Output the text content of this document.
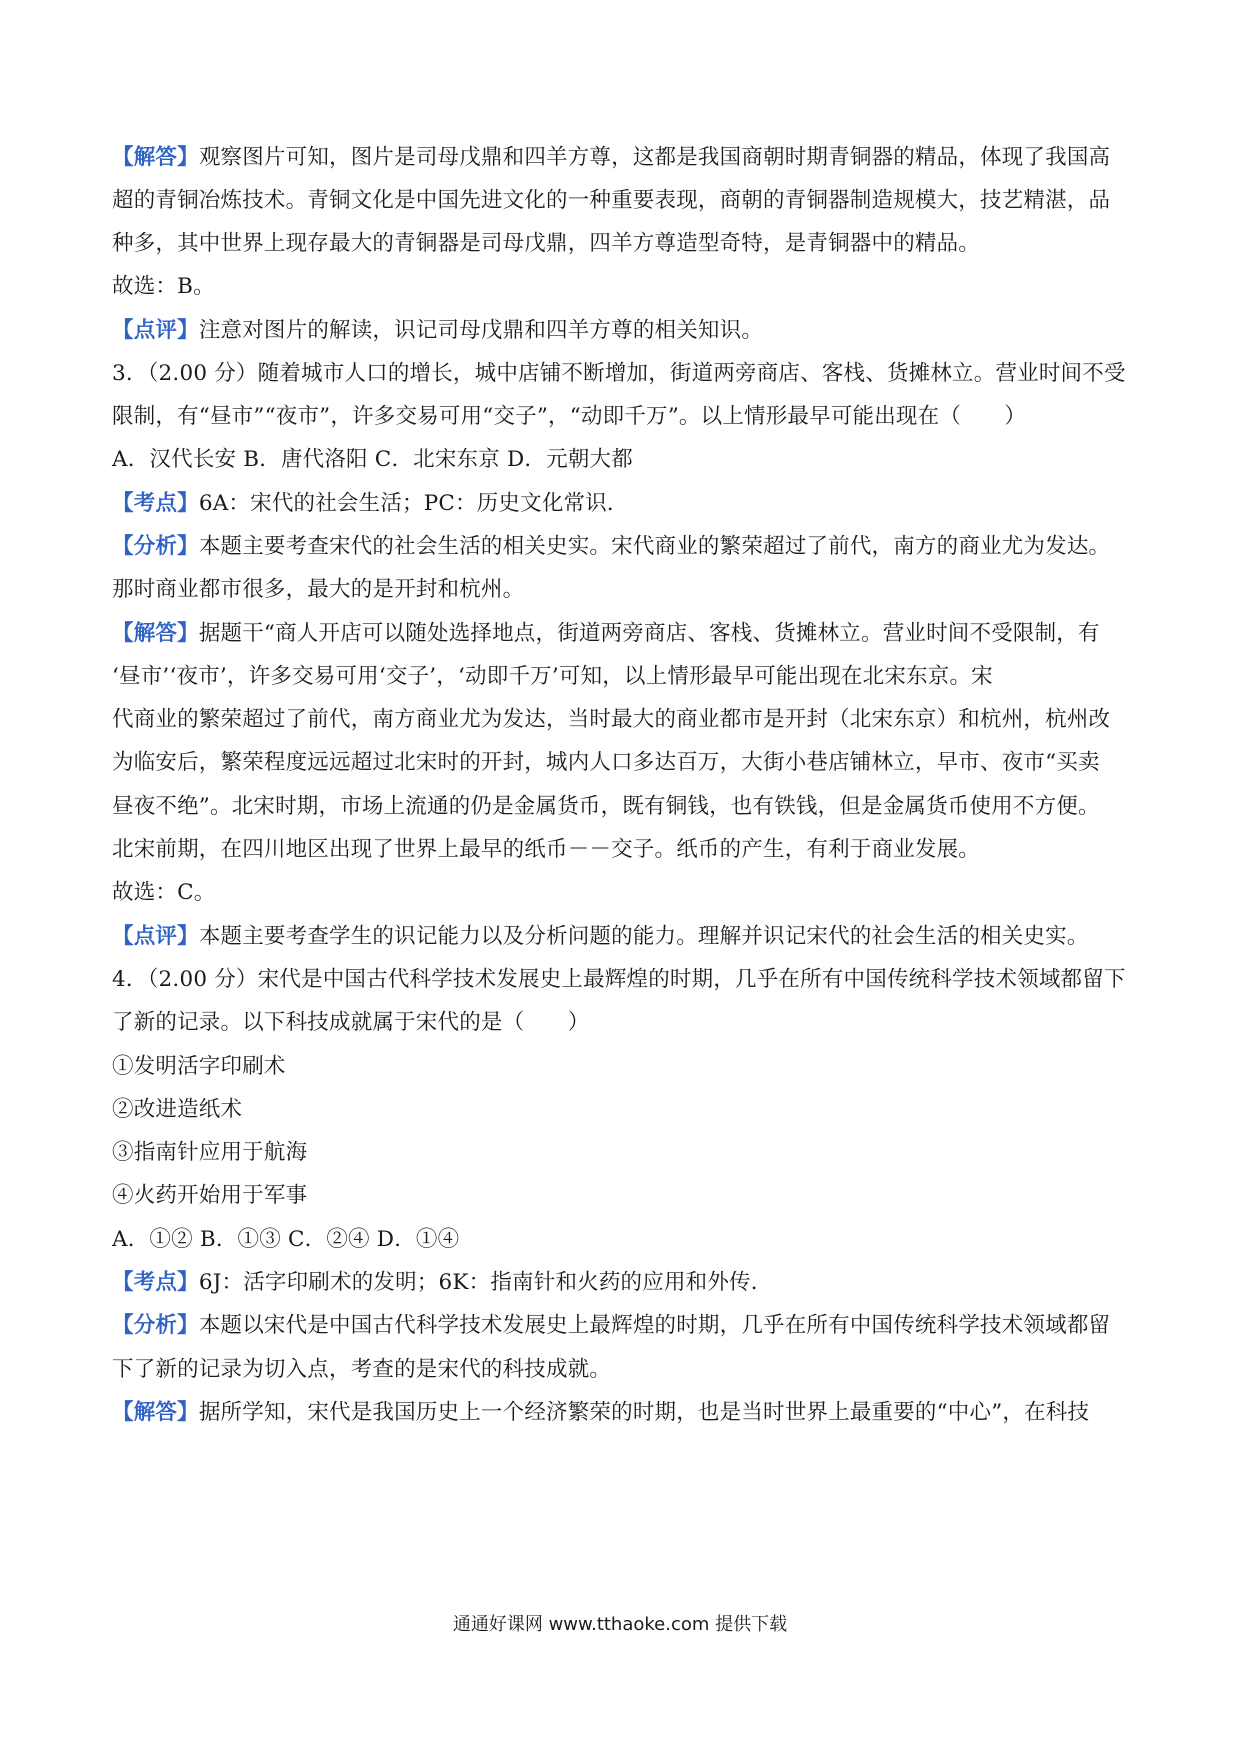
【解答】观察图片可知，图片是司母戊鼎和四羊方尊，这都是我国商朝时期青铜器的精品，体现了我国高
超的青铜冶炼技术。青铜文化是中国先进文化的一种重要表现，商朝的青铜器制造规模大，技艺精湛，品
种多，其中世界上现存最大的青铜器是司母戊鼎，四羊方尊造型奇特，是青铜器中的精品。
故选：B。
【点评】注意对图片的解读，识记司母戊鼎和四羊方尊的相关知识。
3．（2.00 分）随着城市人口的增长，城中店铺不断增加，街道两旁商店、客栈、货摊林立。营业时间不受
限制，有“昼市”“夜市”，许多交易可用“交子”，“动即千万”。以上情形最早可能出现在（　　）
A．汉代长安 B．唐代洛阳 C．北宋东京 D．元朝大都
【考点】6A：宋代的社会生活；PC：历史文化常识．
【分析】本题主要考查宋代的社会生活的相关史实。宋代商业的繁荣超过了前代，南方的商业尤为发达。
那时商业都市很多，最大的是开封和杭州。
【解答】据题干“商人开店可以随处选择地点，街道两旁商店、客栈、货摊林立。营业时间不受限制，有
‘昼市’‘夜市’，许多交易可用‘交子’，‘动即千万’可知，以上情形最早可能出现在北宋东京。宋
代商业的繁荣超过了前代，南方商业尤为发达，当时最大的商业都市是开封（北宋东京）和杭州，杭州改
为临安后，繁荣程度远远超过北宋时的开封，城内人口多达百万，大街小巷店铺林立，早市、夜市“买卖
昼夜不绝”。北宋时期，市场上流通的仍是金属货币，既有铜钱，也有铁钱，但是金属货币使用不方便。
北宋前期，在四川地区出现了世界上最早的纸币－－交子。纸币的产生，有利于商业发展。
故选：C。
【点评】本题主要考查学生的识记能力以及分析问题的能力。理解并识记宋代的社会生活的相关史实。
4．（2.00 分）宋代是中国古代科学技术发展史上最辉煌的时期，几乎在所有中国传统科学技术领域都留下
了新的记录。以下科技成就属于宋代的是（　　）
①发明活字印刷术
②改进造纸术
③指南针应用于航海
④火药开始用于军事
A．①② B．①③ C．②④ D．①④
【考点】6J：活字印刷术的发明；6K：指南针和火药的应用和外传．
【分析】本题以宋代是中国古代科学技术发展史上最辉煌的时期，几乎在所有中国传统科学技术领域都留
下了新的记录为切入点，考查的是宋代的科技成就。
【解答】据所学知，宋代是我国历史上一个经济繁荣的时期，也是当时世界上最重要的“中心”，在科技
通通好课网 www.tthaoke.com 提供下载
